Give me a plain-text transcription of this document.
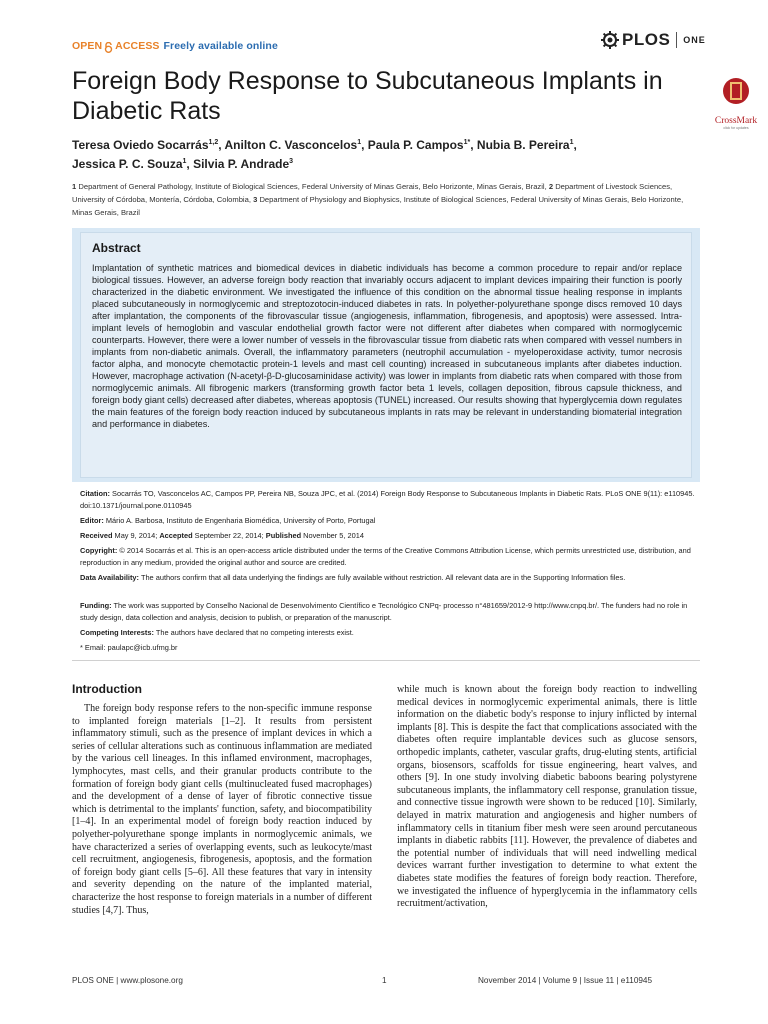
OPEN ACCESS Freely available online	PLOS ONE
Foreign Body Response to Subcutaneous Implants in Diabetic Rats	CrossMark
click for updates
Teresa Oviedo Socarrás$^{1,2}$, Anilton C. Vasconcelos$^1$, Paula P. Campos$^{1*}$, Nubia B. Pereira$^1$,
Jessica P. C. Souza$^1$, Silvia P. Andrade$^3$
1 Department of General Pathology, Institute of Biological Sciences, Federal University of Minas Gerais, Belo Horizonte, Minas Gerais, Brazil, 2 Department of Livestock Sciences, University of Córdoba, Montería, Córdoba, Colombia, 3 Department of Physiology and Biophysics, Institute of Biological Sciences, Federal University of Minas Gerais, Belo Horizonte, Minas Gerais, Brazil
Abstract
Implantation of synthetic matrices and biomedical devices in diabetic individuals has become a common procedure to repair and/or replace biological tissues. However, an adverse foreign body reaction that invariably occurs adjacent to implant devices impairing their function is poorly characterized in the diabetic environment. We investigated the influence of this condition on the abnormal tissue healing response in implants placed subcutaneously in normoglycemic and streptozotocin-induced diabetes in rats. In polyether-polyurethane sponge discs removed 10 days after implantation, the components of the fibrovascular tissue (angiogenesis, inflammation, fibrogenesis, and apoptosis) were assessed. Intra-implant levels of hemoglobin and vascular endothelial growth factor were not different after diabetes when compared with normoglycemic counterparts. However, there were a lower number of vessels in the fibrovascular tissue from diabetic rats when compared with vessel numbers in implants from non-diabetic animals. Overall, the inflammatory parameters (neutrophil accumulation - myeloperoxidase activity, tumor necrosis factor alpha, and monocyte chemotactic protein-1 levels and mast cell counting) increased in subcutaneous implants after diabetes induction. However, macrophage activation (N-acetyl-β-D-glucosaminidase activity) was lower in implants from diabetic rats when compared with those from normoglycemic animals. All fibrogenic markers (transforming growth factor beta 1 levels, collagen deposition, fibrous capsule thickness, and foreign body giant cells) decreased after diabetes, whereas apoptosis (TUNEL) increased. Our results showing that hyperglycemia down regulates the main features of the foreign body reaction induced by subcutaneous implants in rats may be relevant in understanding biomaterial integration and performance in diabetes.
Citation: Socarrás TO, Vasconcelos AC, Campos PP, Pereira NB, Souza JPC, et al. (2014) Foreign Body Response to Subcutaneous Implants in Diabetic Rats. PLoS ONE 9(11): e110945. doi:10.1371/journal.pone.0110945
Editor: Mário A. Barbosa, Instituto de Engenharia Biomédica, University of Porto, Portugal
Received May 9, 2014; Accepted September 22, 2014; Published November 5, 2014
Copyright: © 2014 Socarrás et al. This is an open-access article distributed under the terms of the Creative Commons Attribution License, which permits unrestricted use, distribution, and reproduction in any medium, provided the original author and source are credited.
Data Availability: The authors confirm that all data underlying the findings are fully available without restriction. All relevant data are in the Supporting Information files.
Funding: The work was supported by Conselho Nacional de Desenvolvimento Científico e Tecnológico CNPq- processo n°481659/2012-9 http://www.cnpq.br/. The funders had no role in study design, data collection and analysis, decision to publish, or preparation of the manuscript.
Competing Interests: The authors have declared that no competing interests exist.
* Email: paulapc@icb.ufmg.br
Introduction

The foreign body response refers to the non-specific immune response to implanted foreign materials [1–2]. It results from persistent inflammatory stimuli, such as the presence of implant devices in which a series of cellular alterations such as continuous inflammation are mediated by the various cell lineages. In this inflamed environment, macrophages, lymphocytes, mast cells, and their granular products contribute to the formation of foreign body giant cells (multinucleated fused macrophages) and the development of a dense of layer of fibrotic connective tissue which is detrimental to the implants' function, safety, and biocompatibility [1–4]. In an experimental model of foreign body reaction induced by polyether-polyurethane sponge implants in normoglycemic animals, we have characterized a series of overlapping events, such as leukocyte/mast cell recruitment, angiogenesis, fibrogenesis, apoptosis, and the formation of foreign body giant cells [5–6]. All these features that vary in intensity and severity depending on the nature of the implanted material, characterize the host response to foreign materials in a number of different studies [4,7]. Thus,

while much is known about the foreign body reaction to indwelling medical devices in normoglycemic experimental animals, there is little information on the diabetic body's response to injury inflicted by internal implants [8]. This is despite the fact that complications associated with the diabetes often require implantable devices such as glucose sensors, orthopedic implants, catheter, vascular grafts, drug-eluting stents, artificial organs, biosensors, scaffolds for tissue engineering, heart valves, and others [9]. In one study involving diabetic baboons bearing polystyrene subcutaneous implants, the inflammatory cell response, granulation tissue, and connective tissue ingrowth were shown to be reduced [10]. Similarly, delayed in matrix maturation and angiogenesis and higher numbers of inflammatory cells in titanium fiber mesh were seen around percutaneous implants in diabetic rabbits [11]. However, the prevalence of diabetes and the potential number of individuals that will need indwelling medical devices warrant further investigation to determine to what extent the diabetes state modifies the features of foreign body reaction. Therefore, we investigated the influence of hyperglycemia in the inflammatory cells recruitment/activation,

PLOS ONE | www.plosone.org	1	November 2014 | Volume 9 | Issue 11 | e110945
